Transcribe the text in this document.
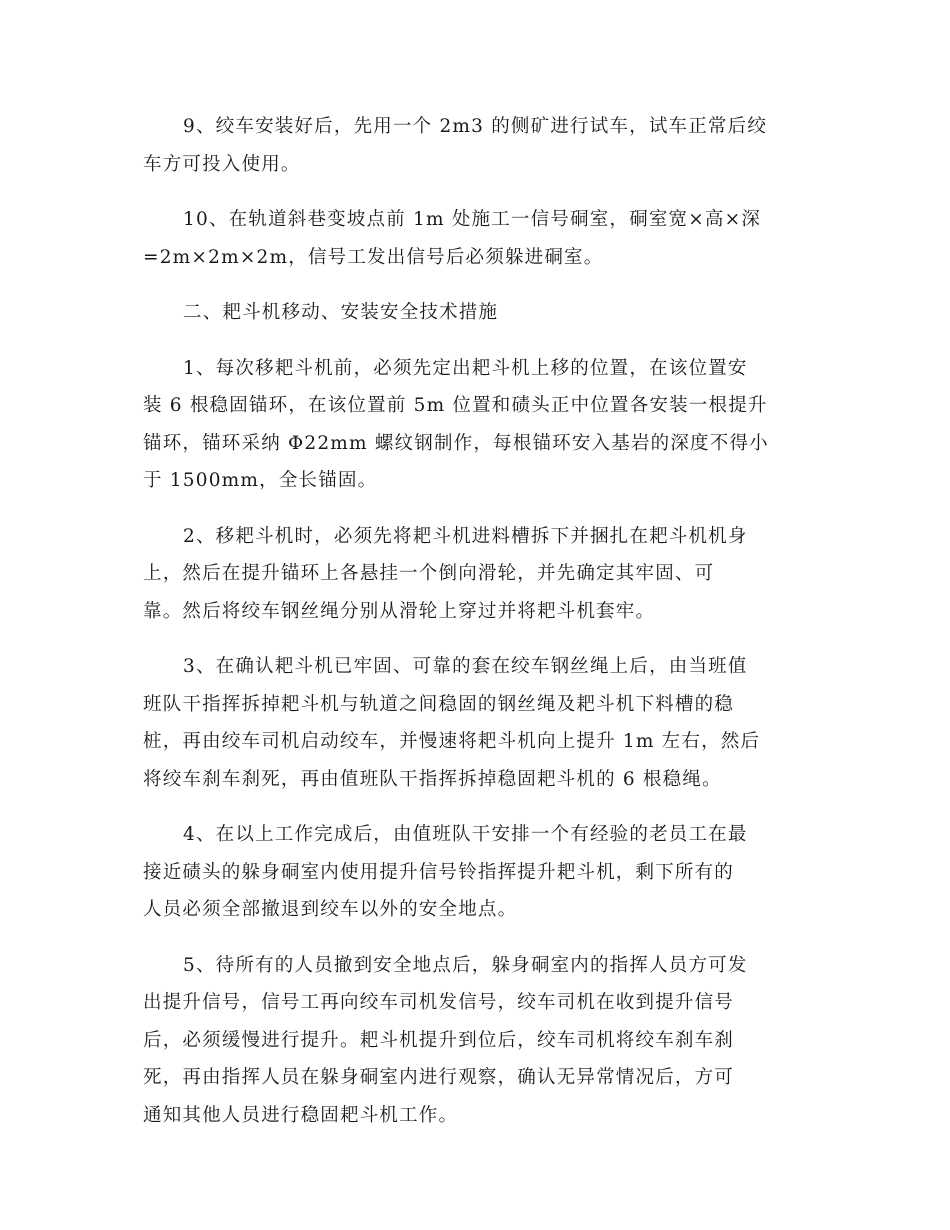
9、绞车安装好后，先用一个 2m3 的侧矿进行试车，试车正常后绞
车方可投入使用。

10、在轨道斜巷变坡点前 1m 处施工一信号硐室，硐室宽×高×深
=2m×2m×2m，信号工发出信号后必须躲进硐室。

二、耙斗机移动、安装安全技术措施

1、每次移耙斗机前，必须先定出耙斗机上移的位置，在该位置安
装 6 根稳固锚环，在该位置前 5m 位置和碛头正中位置各安装一根提升
锚环，锚环采纳 Φ22mm 螺纹钢制作，每根锚环安入基岩的深度不得小
于 1500mm，全长锚固。

2、移耙斗机时，必须先将耙斗机进料槽拆下并捆扎在耙斗机机身
上，然后在提升锚环上各悬挂一个倒向滑轮，并先确定其牢固、可
靠。然后将绞车钢丝绳分别从滑轮上穿过并将耙斗机套牢。

3、在确认耙斗机已牢固、可靠的套在绞车钢丝绳上后，由当班值
班队干指挥拆掉耙斗机与轨道之间稳固的钢丝绳及耙斗机下料槽的稳
桩，再由绞车司机启动绞车，并慢速将耙斗机向上提升 1m 左右，然后
将绞车刹车刹死，再由值班队干指挥拆掉稳固耙斗机的 6 根稳绳。

4、在以上工作完成后，由值班队干安排一个有经验的老员工在最
接近碛头的躲身硐室内使用提升信号铃指挥提升耙斗机，剩下所有的
人员必须全部撤退到绞车以外的安全地点。

5、待所有的人员撤到安全地点后，躲身硐室内的指挥人员方可发
出提升信号，信号工再向绞车司机发信号，绞车司机在收到提升信号
后，必须缓慢进行提升。耙斗机提升到位后，绞车司机将绞车刹车刹
死，再由指挥人员在躲身硐室内进行观察，确认无异常情况后，方可
通知其他人员进行稳固耙斗机工作。
